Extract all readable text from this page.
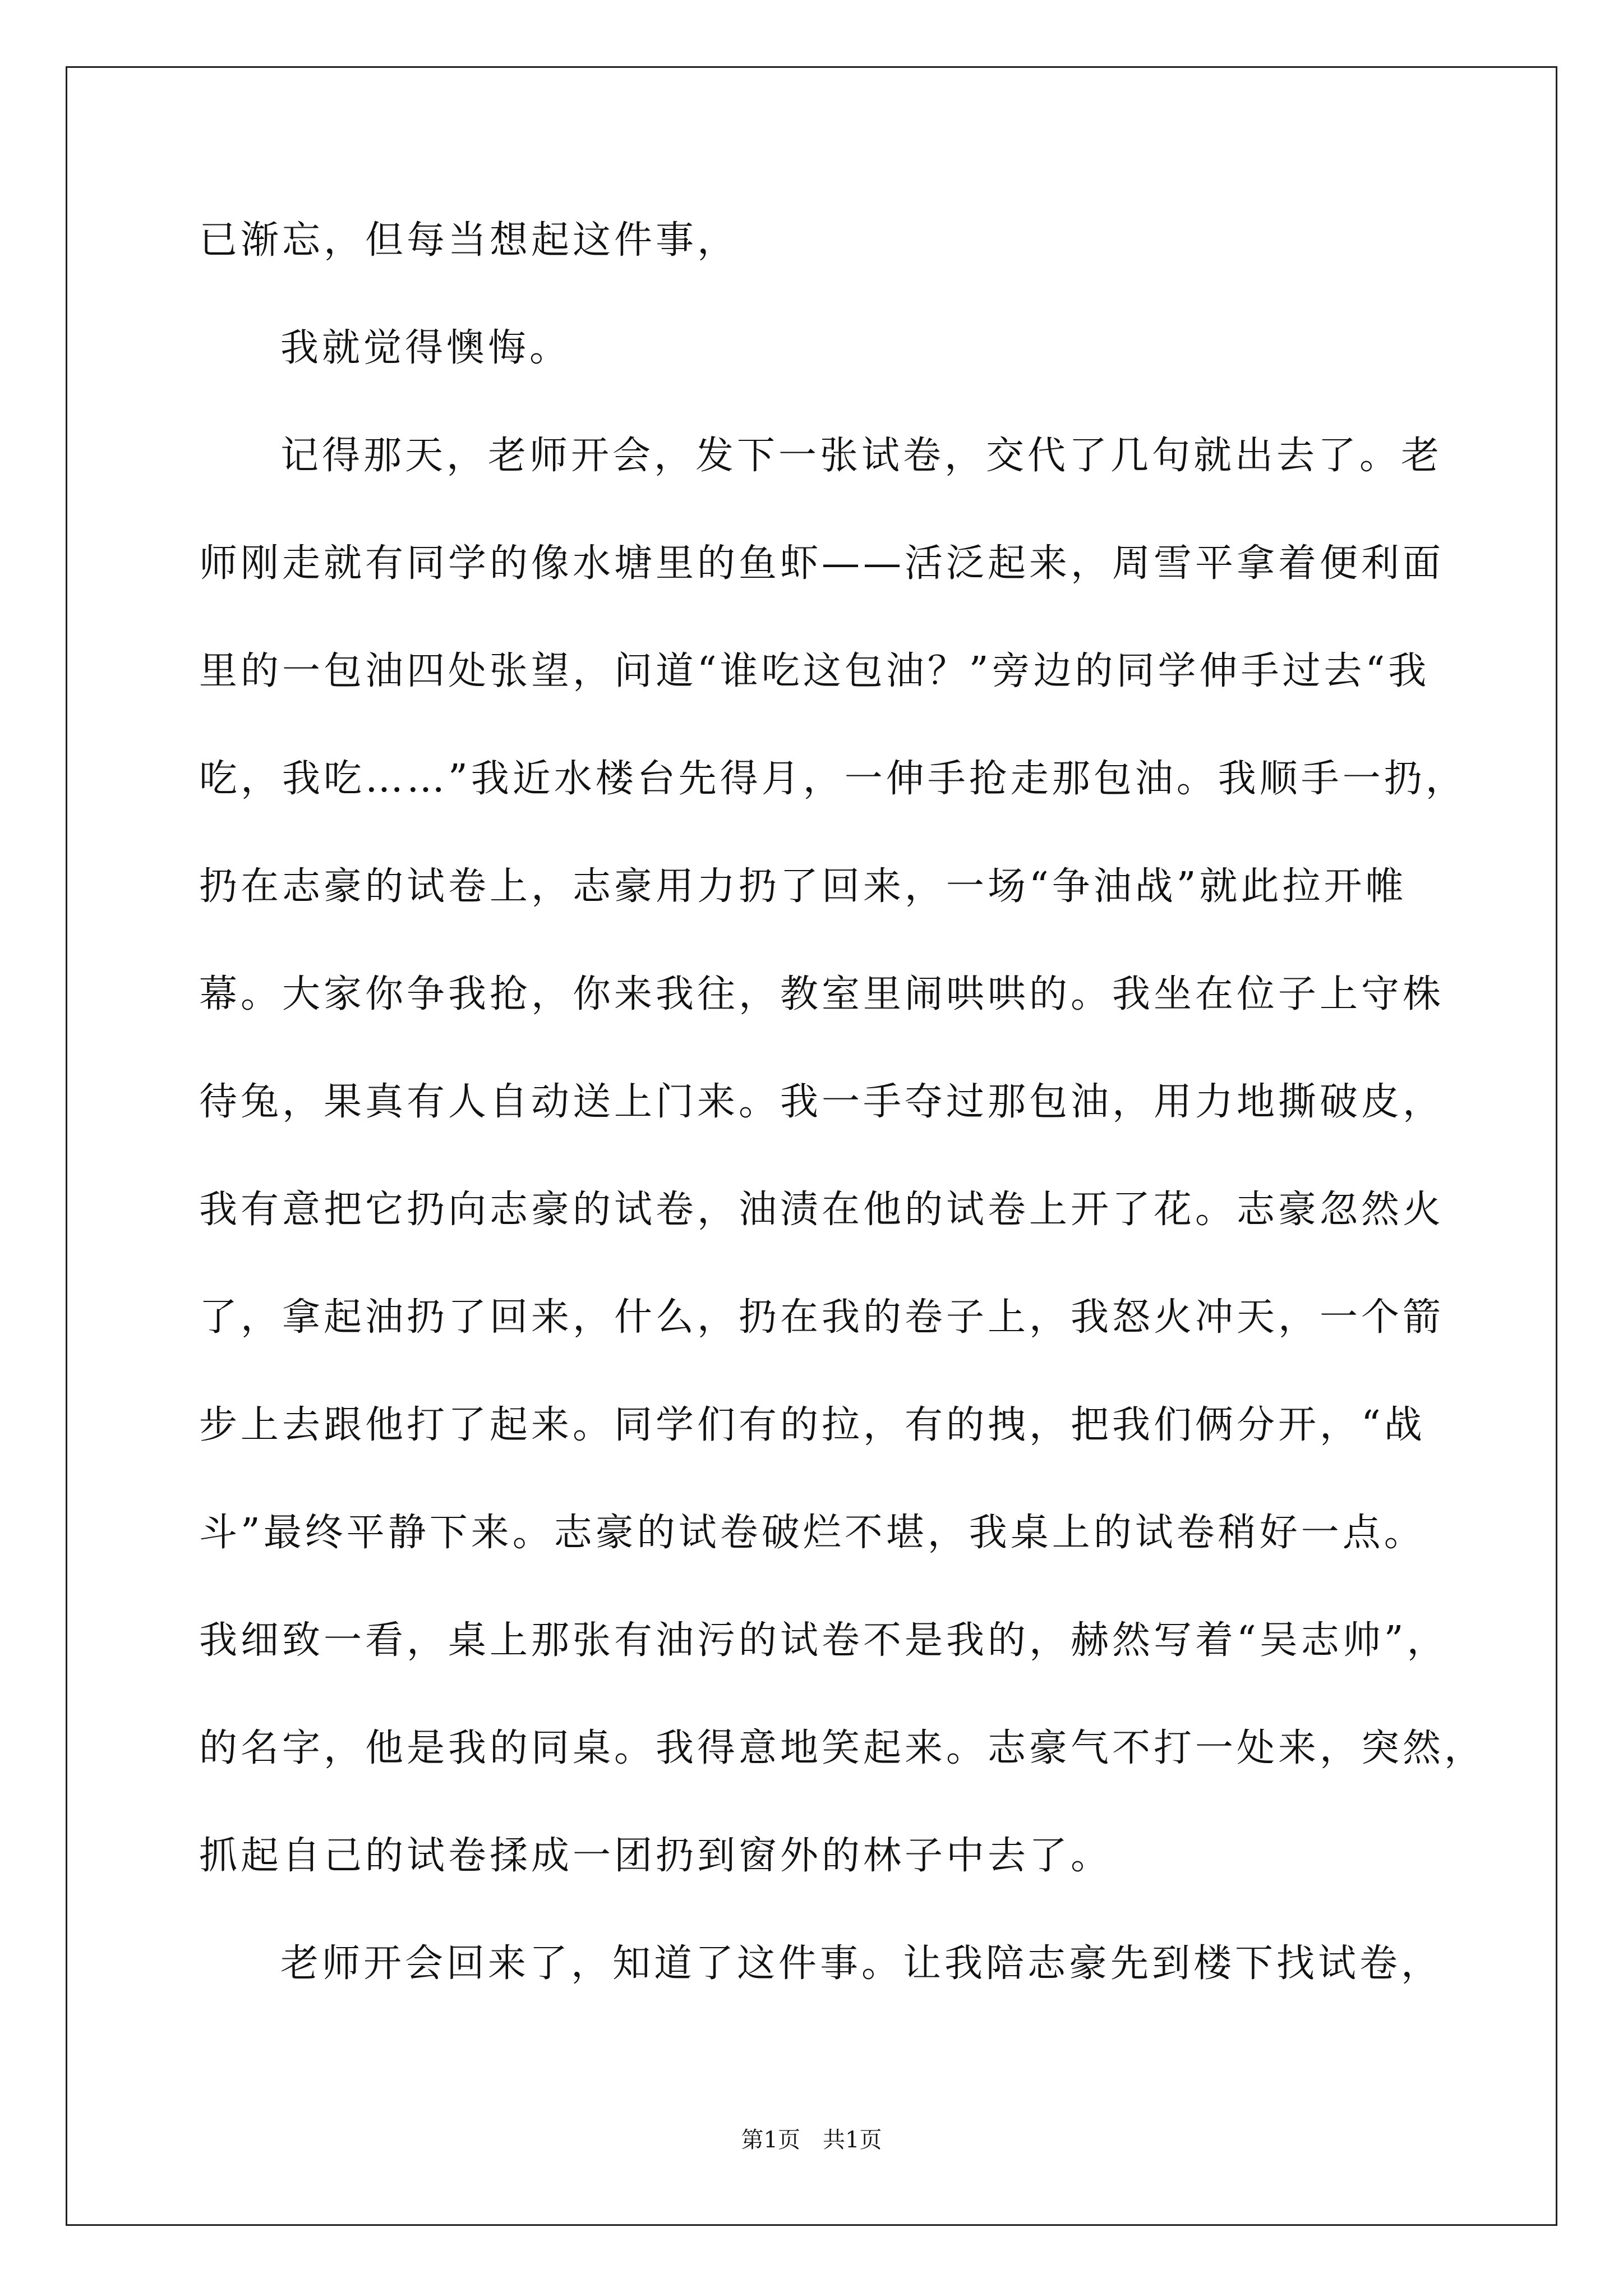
已渐忘，但每当想起这件事，
我就觉得懊悔。
记得那天，老师开会，发下一张试卷，交代了几句就出去了。老
师刚走就有同学的像水塘里的鱼虾——活泛起来，周雪平拿着便利面
里的一包油四处张望，问道“谁吃这包油？”旁边的同学伸手过去“我
吃，我吃……”我近水楼台先得月，一伸手抢走那包油。我顺手一扔，
扔在志豪的试卷上，志豪用力扔了回来，一场“争油战”就此拉开帷
幕。大家你争我抢，你来我往，教室里闹哄哄的。我坐在位子上守株
待兔，果真有人自动送上门来。我一手夺过那包油，用力地撕破皮，
我有意把它扔向志豪的试卷，油渍在他的试卷上开了花。志豪忽然火
了，拿起油扔了回来，什么，扔在我的卷子上，我怒火冲天，一个箭
步上去跟他打了起来。同学们有的拉，有的拽，把我们俩分开，“战
斗”最终平静下来。志豪的试卷破烂不堪，我桌上的试卷稍好一点。
我细致一看，桌上那张有油污的试卷不是我的，赫然写着“吴志帅”，
的名字，他是我的同桌。我得意地笑起来。志豪气不打一处来，突然，
抓起自己的试卷揉成一团扔到窗外的林子中去了。
老师开会回来了，知道了这件事。让我陪志豪先到楼下找试卷，
第1页 共1页
